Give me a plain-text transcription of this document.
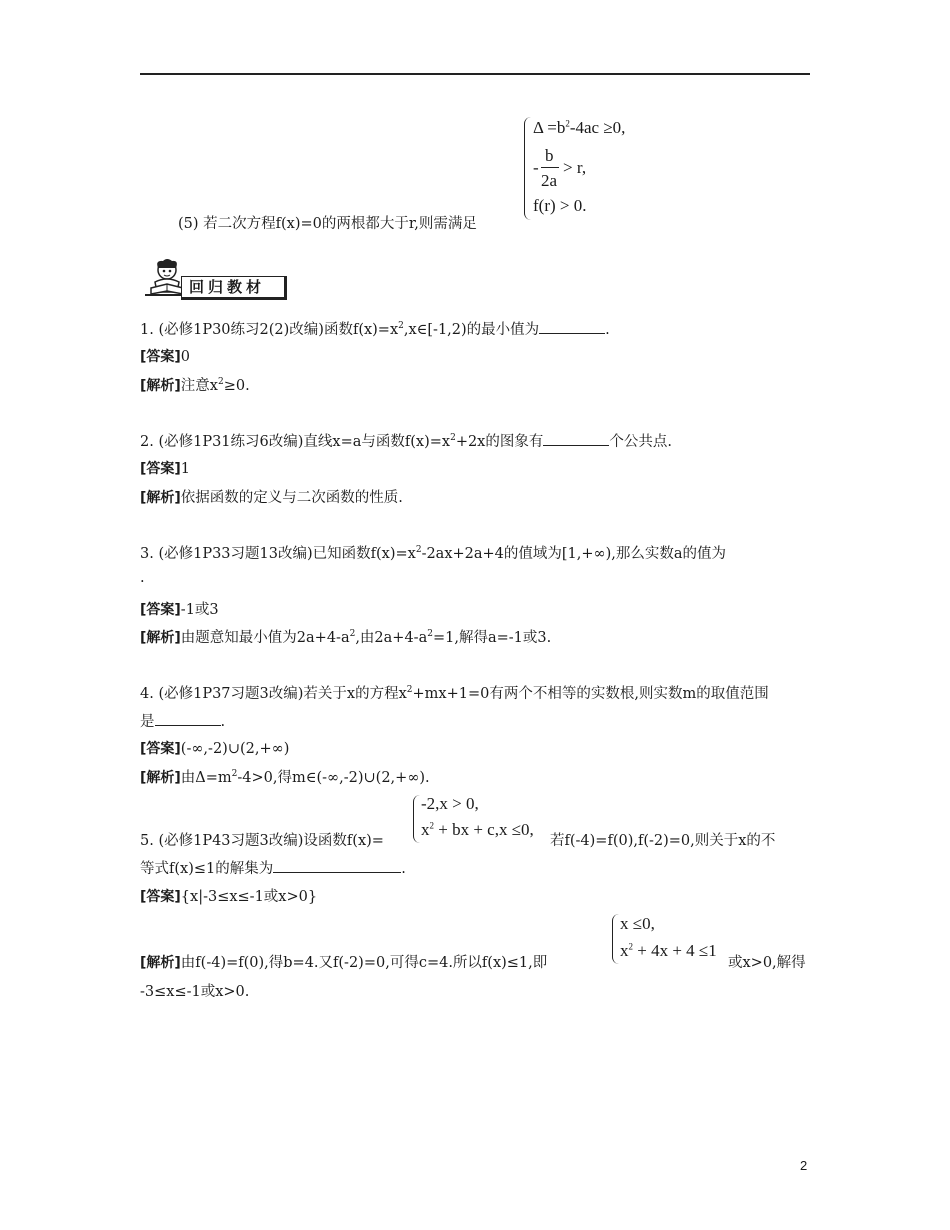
$\Delta =b^2-4ac \ge 0$,
-
b
2a
> r,
f(r) > 0.
(5) 若二次方程f(x)=0的两根都大于r,则需满足
回归教材
1. (必修1P30练习2(2)改编)函数$f(x)=x^2,x\in[-1,2)$的最小值为	.
[答案]0
[解析]注意$x^2\ge 0$.
2. (必修1P31练习6改编)直线x=a与函数$f(x)=x^2+2x$的图象有	个公共点.
[答案]1
[解析]依据函数的定义与二次函数的性质.
3. (必修1P33习题13改编)已知函数$f(x)=x^2-2ax+2a+4$的值域为[1,+∞),那么实数a的值为
.
[答案]-1或3
[解析]由题意知最小值为$2a+4-a^2$,由$2a+4-a^2=1$,解得a=-1或3.
4. (必修1P37习题3改编)若关于x的方程$x^2+mx+1=0$有两个不相等的实数根,则实数m的取值范围
是	.
[答案](-∞,-2)∪(2,+∞)
[解析]由$\Delta=m^2-4>0$,得m∈(-∞,-2)∪(2,+∞).
-2,x > 0,
$x^2$ + bx + c,x ≤0,
5. (必修1P43习题3改编)设函数f(x)=	若f(-4)=f(0),f(-2)=0,则关于x的不
等式f(x)≤1的解集为	.
[答案]{x|-3≤x≤-1或x>0}
x ≤0,
$x^2 + 4x + 4 \le 1$
[解析]由f(-4)=f(0),得b=4.又f(-2)=0,可得c=4.所以f(x)≤1,即	或x>0,解得
-3≤x≤-1或x>0.
2
